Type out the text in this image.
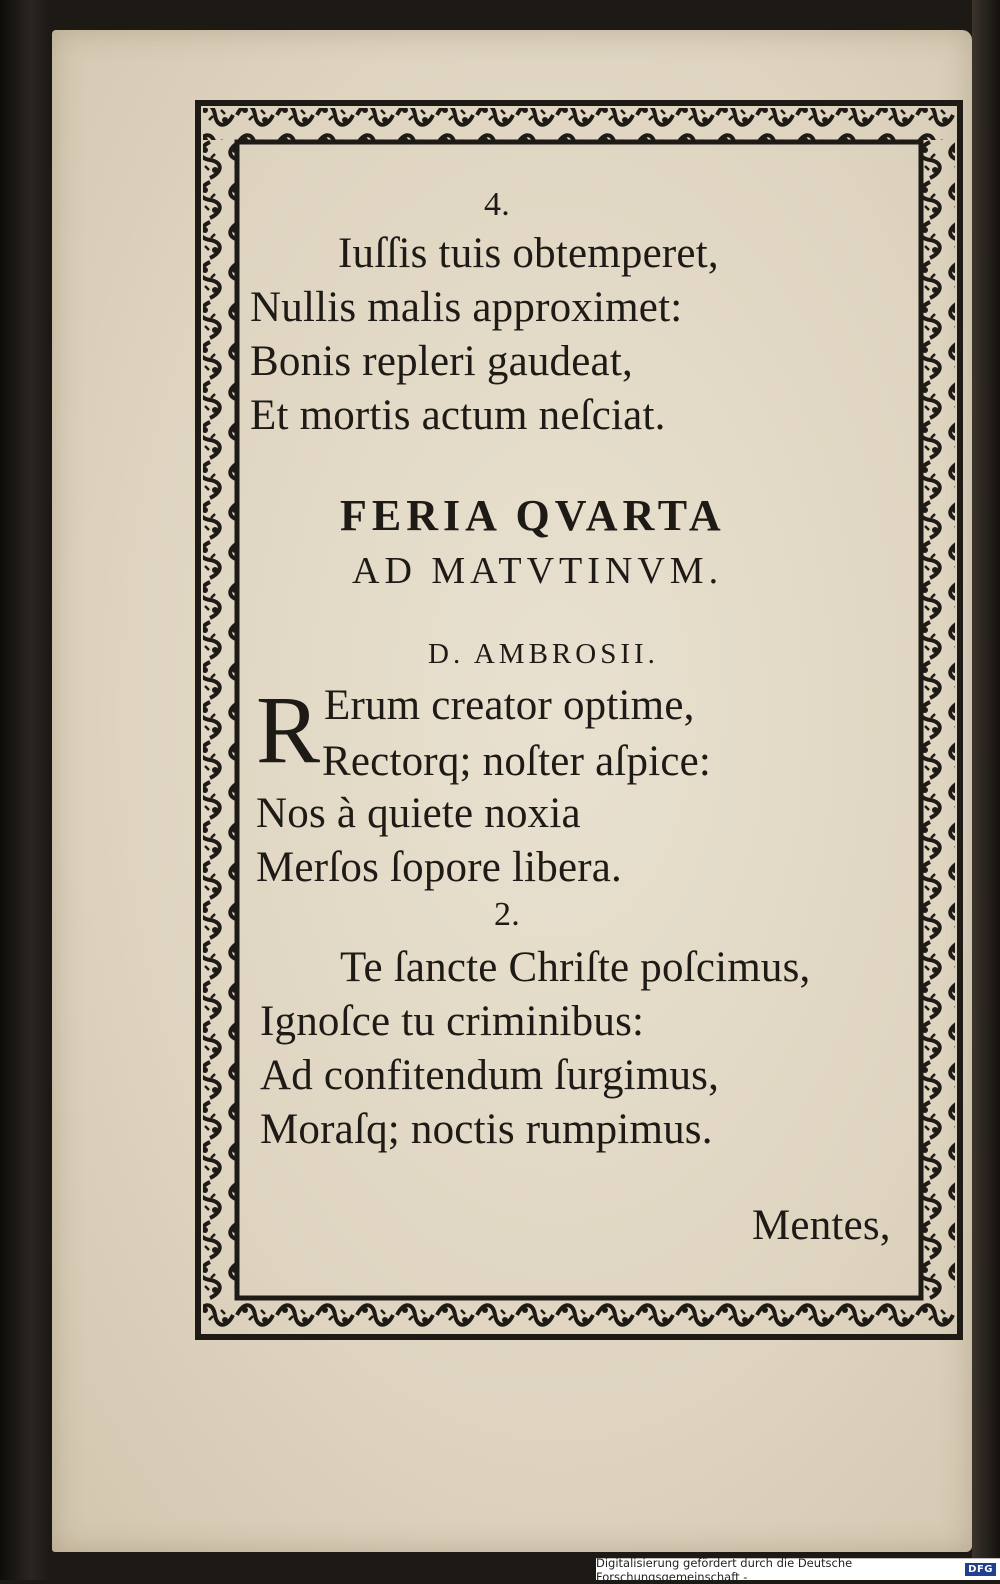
4.
Iuſſis tuis obtemperet,
Nullis malis approximet:
Bonis repleri gaudeat,
Et mortis actum neſciat.
FERIA QVARTA
AD MATVTINVM.
D. AMBROSII.
R Erum creator optime,
Rectorq; noſter aſpice:
Nos à quiete noxia
Merſos ſopore libera.
2.
Te ſancte Chriſte poſcimus,
Ignoſce tu criminibus:
Ad confitendum ſurgimus,
Moraſq; noctis rumpimus.
Mentes,
Digitalisierung gefördert durch die Deutsche Forschungsgemeinschaft -	DFG
